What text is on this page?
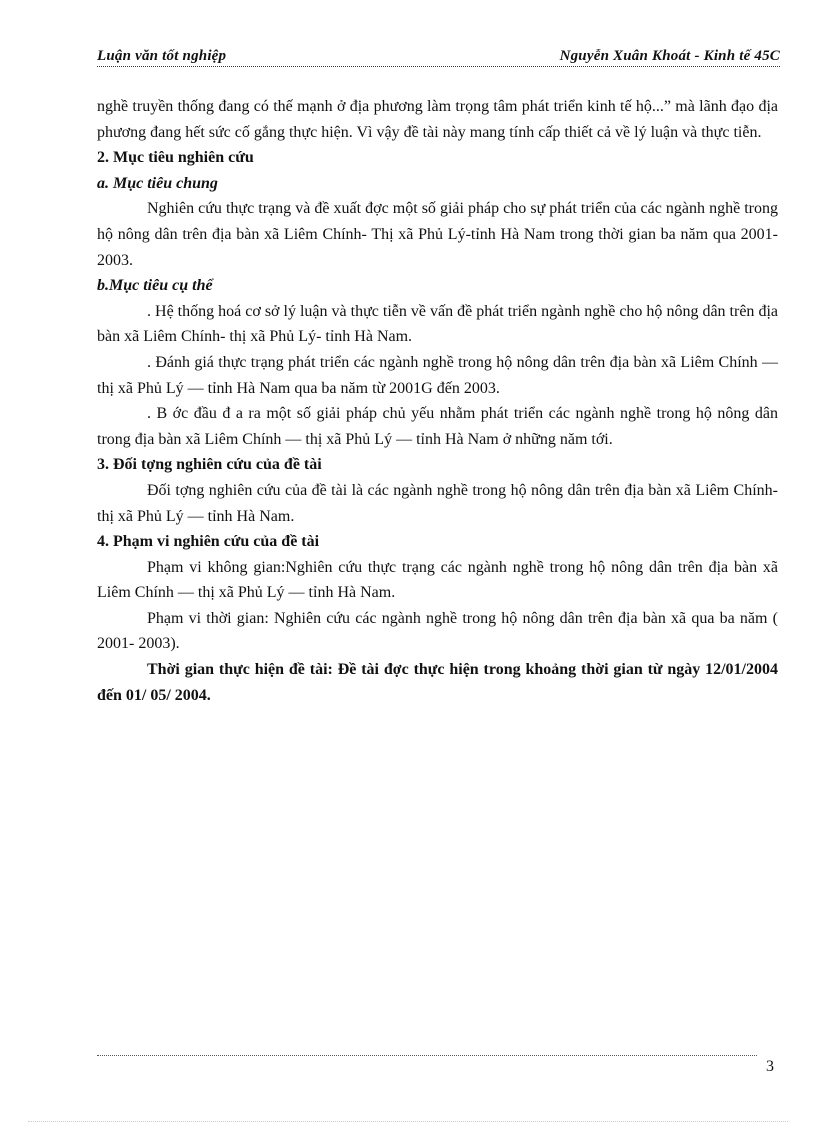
Luận văn tốt nghiệp	Nguyễn Xuân Khoát - Kinh tế 45C

nghề truyền thống đang có thế mạnh ở địa phương làm trọng tâm phát triển kinh tế hộ...” mà lãnh đạo địa phương đang hết sức cố gắng thực hiện. Vì vậy đề tài này mang tính cấp thiết cả về lý luận và thực tiễn.

2. Mục tiêu nghiên cứu

a. Mục tiêu chung

Nghiên cứu thực trạng và đề xuất đợc một số giải pháp cho sự phát triển của các ngành nghề trong hộ nông dân trên địa bàn xã Liêm Chính- Thị xã Phủ Lý-tỉnh Hà Nam trong thời gian ba năm qua 2001- 2003.

b.Mục tiêu cụ thể

. Hệ thống hoá cơ sở lý luận và thực tiễn về vấn đề phát triển ngành nghề cho hộ nông dân trên địa bàn xã Liêm Chính- thị xã Phủ Lý- tỉnh Hà Nam.

. Đánh giá thực trạng phát triển các ngành nghề trong hộ nông dân trên địa bàn xã Liêm Chính — thị xã Phủ Lý — tỉnh Hà Nam qua ba năm từ 2001G đến 2003.

. B ớc đầu đ a ra một số giải pháp chủ yếu nhằm phát triển các ngành nghề trong hộ nông dân trong địa bàn xã Liêm Chính — thị xã Phủ Lý — tỉnh Hà Nam ở những năm tới.

3. Đối tợng nghiên cứu của đề tài

Đối tợng nghiên cứu của đề tài là các ngành nghề trong hộ nông dân trên địa bàn xã Liêm Chính- thị xã Phủ Lý — tỉnh Hà Nam.

4. Phạm vi nghiên cứu của đề tài

Phạm vi không gian:Nghiên cứu thực trạng các ngành nghề trong hộ nông dân trên địa bàn xã Liêm Chính — thị xã Phủ Lý — tỉnh Hà Nam.

Phạm vi thời gian: Nghiên cứu các ngành nghề trong hộ nông dân trên địa bàn xã qua ba năm ( 2001- 2003).

Thời gian thực hiện đề tài: Đề tài đợc thực hiện trong khoảng thời gian từ ngày 12/01/2004 đến 01/ 05/ 2004.

3
